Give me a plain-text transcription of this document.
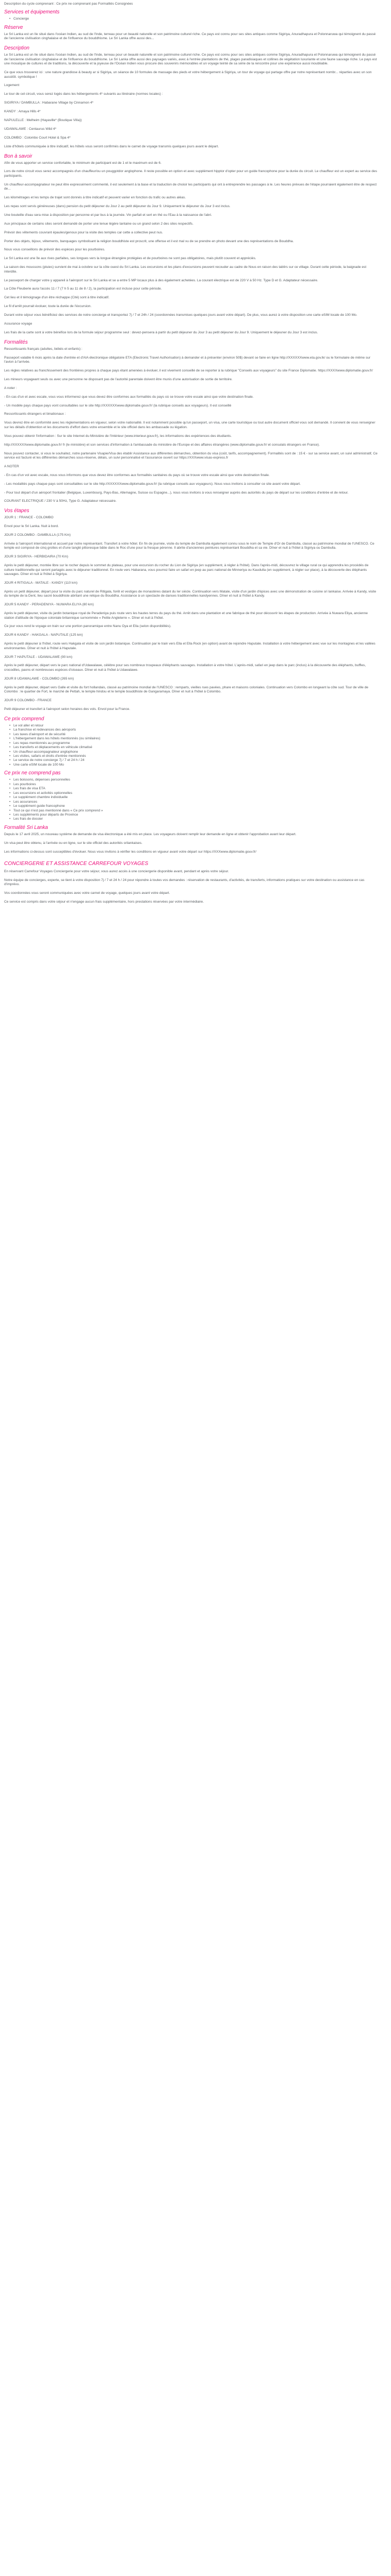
Description du cycle comprenant : Ce prix ne comprenant pas Formalités Consignées

Services et équipements
• Concierge
Réserve

Le Sri Lanka est un Ile situé dans l'océan Indien, au sud de l'Inde, terreau pour un beauté naturelle et son patrimoine culturel riche. Ce pays est connu pour ses sites antiques comme Sigiriya, Anuradhapura et Polonnaruwa qui témoignent du passé de l'ancienne civilisation cinghalaise et de l'influence du bouddhisme. Le Sri Lanka offre aussi des...

Description

Le Sri Lanka est un Ile situé dans l'océan Indien, au sud de l'Inde, terreau pour un beauté naturelle et son patrimoine culturel riche. Ce pays est connu pour ses sites antiques comme Sigiriya, Anuradhapura et Polonnaruwa qui témoignent du passé de l'ancienne civilisation cinghalaise et de l'influence du bouddhisme. Le Sri Lanka offre aussi des paysages variés, avec à l'entrée plantations de thé, plages paradisiaques et collines de végétation luxuriante et une faune sauvage riche. Le pays est une mosaïque de cultures et de traditions, la découverte et la joyeuse de l'Océan Indien vous procure des souvenirs mémorables et un voyage teinté de sa série de la rencontre pour une expérience aussi inoubliable.

Ce que vous trouverez ici : une nature grandiose & beauty ar si Sigiriya, un séance de 10 formules de massage des pieds et votre hébergement à Sigiriya, un tour de voyage qui partage offre par notre représentant nombr... réparties avec un son aussitôt. symbolique !

Logement

Le tour de cet circuit, vous serez logés dans les hébergements 4* suivants au itinéraire (normes locales) :

SIGIRIYA / DAMBULLA : Habarane Village by Cinnamon 4*

KANDY : Amaya Hills 4*

NAPULELLE : Melheim (Hayaville* (Boutique Villa))

UDAWALAWE : Centaurus Wild 4*

COLOMBO : Colombo Court Hotel & Spa 4*

Liste d'hôtels communiquée à titre indicatif, les hôtels vous seront confirmés dans le carnet de voyage transmis quelques jours avant le départ.

Bon à savoir

Afin de vous apporter un service confortable, le minimum de participant est de 1 et le maximum est de 6.

Lors de notre circuit vous serez accompagnés d'un chauffeur/ou un pouggotdor anglophone. Il reste possible en option et avec supplément hipptor d'opter pour un guide francophone pour la durée du circuit. Le chauffeur est un expert au service des participants.

Un chauffeur-accompagnateur ne peut être expressément commenté, il est seulement à la base et la traduction de choisir les participants qui ont à entreprendre les passages à le. Les heures prévues de l'étape pourraient également être de respect de...

Les kilométrages et les temps de trajet sont donnés à titre indicatif et peuvent varier en fonction du trafic ou autres aléas.

Les repas sont servis généreuses (dans) pension du petit déjeuner du Jour 2 au petit déjeuner du Jour 9. Uniquement le déjeuner du Jour 3 est inclus.

Une bouteille d'eau sera mise à disposition par personne et par bus à la journée. Vin parfait et sert en thé ou l'Eau à la naissance de l'abri.

Aux principaux de certains sites seront demandé de porter une tenue légère tantaine ou un grand selon 2 des sites respectifs.

Prévoir des vêtements couvrant épaules/genoux pour la visite des temples car cette a collective peut nus.

Porter des objets, bijoux, vêtements, banquages symbolisant la religion bouddhiste est proscrit, une offense et il est mal vu de se prendre en photo devant une des représentations de Bouddha.

Nous vous conseillons de prévoir des espèces pour les pourboires.

Le Sri Lanka est une île aux rives parfaites, ses longues vers la longue étrangère protégées et de pourboires ne sont pas obligatoires, mais plutôt couvent et appréciés.

La saison des moussons (pluies) survient de mai à octobre sur la côte ouest du Sri Lanka. Les excursions et les plans d'excursions peuvent recouder au cadre de Nous en raison des tablirs sur ce village. Durant cette période, la baignade est interdite.

Le passeport de charger votre y appareil à l'aéroport sur le Sri Lanka et se a entre 5 MP locaux plus à des également achetées. La courant électrique est de 220 V à 50 Hz. Type D et G. Adaptateur nécessaire.

La Côte Fleuberie aura l'accès 11 / 7 (7 h 5 au 11 de 8 / 2), la participation est incluse pour cette période.

Cet lieu et il témoignage d'un être réchappe (Cité) sont à titre indicatif.

Le fil d'arrêt pourrait évoluer, toute la durée de l'éxcursion.

Durant votre séjour vous bénéficiez des services de notre concierge et transportez 7j / 7 et 24h / 24 (coordonnées transmises quelques jours avant votre départ). De plus, vous aurez à votre disposition une carte eSIM locale de 100 Mo.

Assurance voyage

Les frais de la carte sont à votre bénéfice lors de la formule séjour programme seul : devez-pensera à partir du petit déjeuner du Jour 3 au petit déjeuner du Jour 9. Uniquement le déjeuner du Jour 3 est inclus.

Formalités

Ressortissants français (adultes, bébés et enfants) :

Passeport valable 6 mois après la date d'entrée et d'AIA électronique obligatoire ETA (Electronic Travel Authorisation) à demander et à présenter (environ 50$) devant se faire en ligne http://XXXXXXwww.eta.gov.lk/ ou le formulaire de même sur l'avion à l'arrivée.

Les règles relatives au franchissement des frontières propres à chaque pays étant amenées à évoluer, il est vivement conseillé de se reporter à la rubrique "Conseils aux voyageurs" du site France Diplomatie. https://XXXXwww.diplomatie.gouv.fr/

Les mineurs voyageant seuls ou avec une personne ne disposant pas de l'autorité parentale doivent être munis d'une autorisation de sortie de territoire.

A noter :

- En cas d'un et avec escale, vous vous informerez que vous devez être conformes aux formalités du pays où se trouve votre escale ainsi que votre destination finale.

- Un modèle pays chaque pays vont consultables sur le site http://XXXXXXwww.diplomatie.gouv.fr/ (la rubrique conseils aux voyageurs). Il est conseillé

Ressortissants étrangers et binationaux :

Vous devrez être en conformité avec les règlementations en vigueur, selon votre nationalité. Il est notamment possible qu'un passeport, un visa, une carte touristique ou tout autre document officiel vous soit demandé. Il convient de vous renseigner sur les détails d'obtention et les documents d'effort dans votre ensemble et le site officiel dans les ambassade ou légation.

Vous pouvez obtenir l'information : Sur le site Internet du Ministère de l'Intérieur (www.interieur.gouv.fr), les informations des expériences des étudiants.

http://XXXXXXwww.diplomatie.gouv.fr/ fr (le ministère) et son services d'information à l'ambassade du ministère de l'Europe et des affaires étrangères (www.diplomatie.gouv.fr/ et consulats étrangers en France).

Nous pouvez contacter, si vous le souhaitez, notre partenaire Visapie/Visa des établir Assistance aux différentes démarches, obtention du visa (coût, tarifs, accompagnement). Formalités sont de : 15 € - sur sa service avant, un suivi administratif, Ce service est facturé et les différentes démarches sous-réserve, délais, un suivi personnalisé et l'assurance ouvert sur https://XXXwww.visas-express.fr

A NOTER

- En cas d'un vol avec escale, nous vous informons que vous devez être conformes aux formalités sanitaires du pays où se trouve votre escale ainsi que votre destination finale.

- Les modalités pays chaque pays sont consultables sur le site http://XXXXXXwww.diplomatie.gouv.fr/ (la rubrique conseils aux voyageurs). Nous vous invitons à consulter ce site avant votre départ.

- Pour tout départ d'un aéroport frontalier (Belgique, Luxembourg, Pays-Bas, Allemagne, Suisse ou Espagne...), nous vous invitons à vous renseigner auprès des autorités du pays de départ sur les conditions d'entrée et de retour.

COURANT ELECTRIQUE / 230 V à 50Hz, Type G. Adaptateur nécessaire.

Vos étapes

JOUR 1 : FRANCE - COLOMBO

Envol pour le Sri Lanka. Nuit à bord.

JOUR 2 COLOMBO - DAMBULLA (175 Km)

Arrivée à l'aéroport international et accueil par notre représentant. Transfert à votre hôtel. En fin de journée, visite du temple de Dambulla également connu sous le nom de Temple d'Or de Dambulla, classé au patrimoine mondial de l'UNESCO. Ce temple est composé de cinq grottes et d'une tanglé pittoresque bâtie dans le Roc d'une pour la fresque pérenne. Il abrite d'anciennes peintures représentant Bouddha et sa vie. Dîner et nuit à l'hôtel à Sigiriya ou Dambulla.

JOUR 3 SIGIRIYA - HERBIDAIRA (70 Km)

Après le petit déjeuner, montée libre sur le rocher depuis le sommet du plateau, pour une excursion du rocher du Lion de Sigiriya (en supplément, à régler à l'hôtel). Dans l'après-midi, découvrez le village rural ce qui apprendra les procédés de culture traditionnelle qui seront partagés avec le déjeuner traditionnel. En route vers Habarana, vous pourrez faire un safari en jeep au parc national de Minneriya ou Kaudulla (en supplément, à régler sur place), à la découverte des éléphants sauvages. Dîner et nuit à l'hôtel à Sigiriya.

JOUR 4 RITIGALA - MATALE - KANDY (110 km)

Après un petit déjeuner, départ pour la visite du parc naturel de Ritigala, forêt et vestiges de monastères datant du Ier siècle. Continuation vers Matale, visite d'un jardin d'épices avec une démonstration de cuisine sri lankaise. Arrivée à Kandy, visite du temple de la Dent, lieu sacré bouddhiste abritant une relique du Bouddha. Assistance à un spectacle de danses traditionnelles kandyennes. Dîner et nuit à l'hôtel à Kandy.

JOUR 5 KANDY - PERADENIYA - NUWARA ELIYA (80 km)

Après le petit déjeuner, visite du jardin botanique royal de Peradeniya puis route vers les hautes terres du pays du thé. Arrêt dans une plantation et une fabrique de thé pour découvrir les étapes de production. Arrivée à Nuwara Eliya, ancienne station d'altitude de l'époque coloniale britannique surnommée « Petite Angleterre ». Dîner et nuit à l'hôtel.

Ce jour vous rend le voyage en train sur une portion panoramique entre Nanu Oya et Ella (selon disponibilités).

JOUR 6 KANDY - HAKGALA - NAPUTALE (125 km)

Après le petit déjeuner à l'hôtel, route vers Hakgala et visite de son jardin botanique. Continuation par le train vers Ella et Ella Rock (en option) avant de rejoindre Haputale. Installation à votre hébergement avec vue sur les montagnes et les vallées environnantes. Dîner et nuit à l'hôtel à Haputale.

JOUR 7 HAPUTALE - UDAWALAWE (90 km)

Après le petit déjeuner, départ vers le parc national d'Udawalawe, célèbre pour ses nombreux troupeaux d'éléphants sauvages. Installation à votre hôtel. L'après-midi, safari en jeep dans le parc (inclus) à la découverte des éléphants, buffles, crocodiles, paons et nombreuses espèces d'oiseaux. Dîner et nuit à l'hôtel à Udawalawe.

JOUR 8 UDAWALAWE - COLOMBO (265 km)

Après le petit déjeuner, départ vers Galle et visite du fort hollandais, classé au patrimoine mondial de l'UNESCO : remparts, vieilles rues pavées, phare et maisons coloniales. Continuation vers Colombo en longeant la côte sud. Tour de ville de Colombo : le quartier de Fort, le marché de Pettah, le temple hindou et le temple bouddhiste de Gangaramaya. Dîner et nuit à l'hôtel à Colombo.

JOUR 9 COLOMBO - FRANCE

Petit déjeuner et transfert à l'aéroport selon horaires des vols. Envol pour la France.

Ce prix comprend
• Le vol aller et retour
• La franchise et redevances des aéroports
• Les taxes d'aéroport et de sécurité
• L'hébergement dans les hôtels mentionnés (ou similaires)
• Les repas mentionnés au programme
• Les transferts et déplacements en véhicule climatisé
• Un chauffeur-accompagnateur anglophone
• Les visites, safaris et droits d'entrée mentionnés
• Le service de notre concierge 7j / 7 et 24 h / 24
• Une carte eSIM locale de 100 Mo
Ce prix ne comprend pas
• Les boissons, dépenses personnelles
• Les pourboires
• Les frais de visa ETA
• Les excursions et activités optionnelles
• Le supplément chambre individuelle
• Les assurances
• Le supplément guide francophone
• Tout ce qui n'est pas mentionné dans « Ce prix comprend »
• Les suppléments pour départs de Province
• Les frais de dossier
Formalité Sri Lanka

Depuis le 17 avril 2025, un nouveau système de demande de visa électronique a été mis en place. Les voyageurs doivent remplir leur demande en ligne et obtenir l'approbation avant leur départ.

Un visa peut être obtenu, à l'arrivée ou en ligne, sur le site officiel des autorités srilankaises.

Les informations ci-dessus sont susceptibles d'évoluer. Nous vous invitons à vérifier les conditions en vigueur avant votre départ sur https://XXXwww.diplomatie.gouv.fr/

CONCIERGERIE ET ASSISTANCE CARREFOUR VOYAGES

En réservant Carrefour Voyages Conciergerie pour votre séjour, vous aurez accès à une conciergerie disponible avant, pendant et après votre séjour.

Notre équipe de concierges, experte, se tient à votre disposition 7j / 7 et 24 h / 24 pour répondre à toutes vos demandes : réservation de restaurants, d'activités, de transferts, informations pratiques sur votre destination ou assistance en cas d'imprévu.

Vos coordonnées vous seront communiquées avec votre carnet de voyage, quelques jours avant votre départ.

Ce service est compris dans votre séjour et n'engage aucun frais supplémentaire, hors prestations réservées par votre intermédiaire.
